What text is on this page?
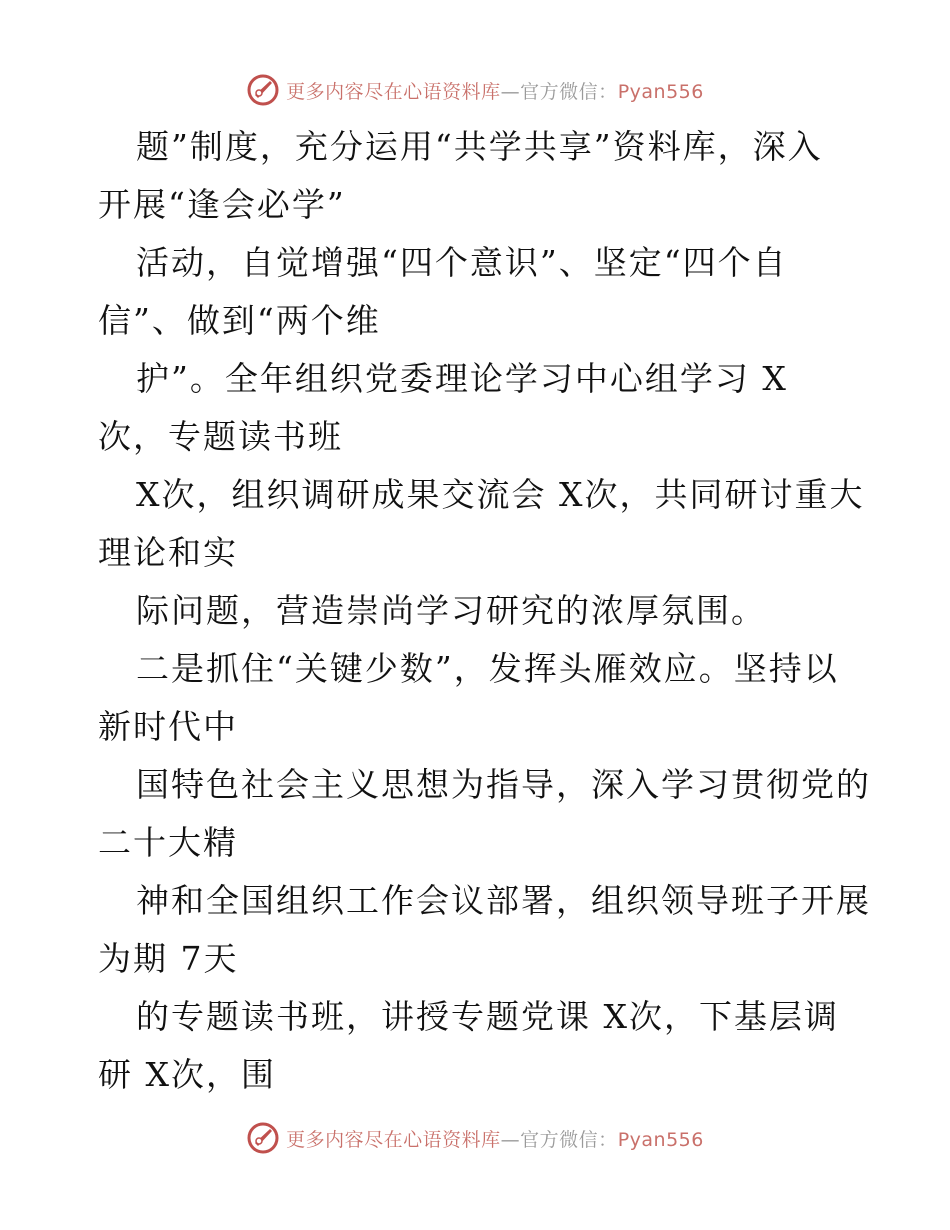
更多内容尽在心语资料库 — 官方微信： Pyan556
题”制度，充分运用“共学共享”资料库，深入
开展“逢会必学”
活动，自觉增强“四个意识”、坚定“四个自
信”、做到“两个维
护”。全年组织党委理论学习中心组学习 X
次，专题读书班
X次，组织调研成果交流会 X次，共同研讨重大
理论和实
际问题，营造崇尚学习研究的浓厚氛围。
二是抓住“关键少数”，发挥头雁效应。坚持以
新时代中
国特色社会主义思想为指导，深入学习贯彻党的
二十大精
神和全国组织工作会议部署，组织领导班子开展
为期 7天
的专题读书班，讲授专题党课 X次，下基层调
研 X次，围
更多内容尽在心语资料库 — 官方微信： Pyan556
